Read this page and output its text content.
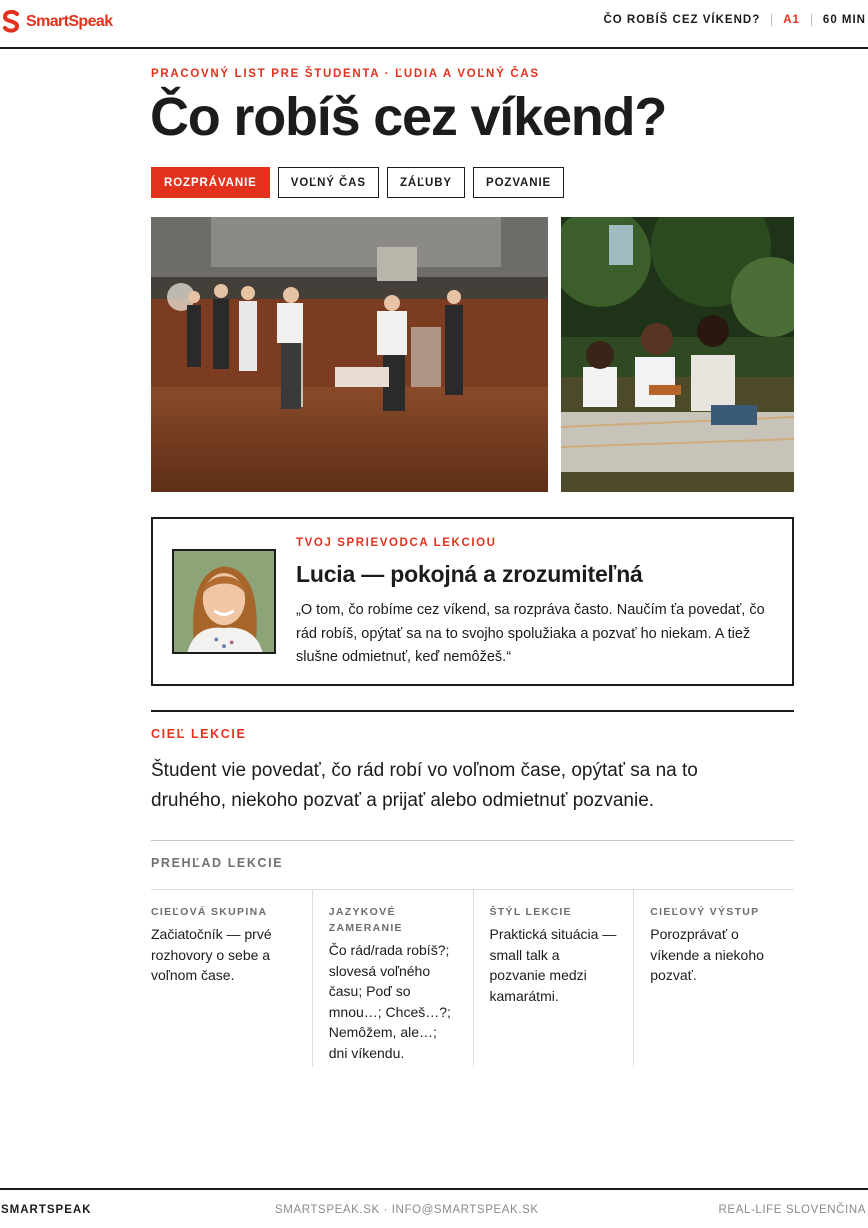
SmartSpeak	ČO ROBÍŠ CEZ VÍKEND? A1 60 MIN
PRACOVNÝ LIST PRE ŠTUDENTA · ĽUDIA A VOĽNÝ ČAS
Čo robíš cez víkend?
ROZPRÁVANIE	VOĽNÝ ČAS	ZÁĽUBY	POZVANIE
TVOJ SPRIEVODCA LEKCIOU
Lucia — pokojná a zrozumiteľná
„O tom, čo robíme cez víkend, sa rozpráva často. Naučím ťa povedať, čo rád robíš, opýtať sa na to svojho spolužiaka a pozvať ho niekam. A tiež slušne odmietnuť, keď nemôžeš.“
CIEĽ LEKCIE
Študent vie povedať, čo rád robí vo voľnom čase, opýtať sa na to druhého, niekoho pozvať a prijať alebo odmietnuť pozvanie.
PREHĽAD LEKCIE
CIEĽOVÁ SKUPINA
Začiatočník — prvé rozhovory o sebe a voľnom čase.
JAZYKOVÉ ZAMERANIE
Čo rád/rada robíš?; slovesá voľného času; Poď so mnou…; Chceš…?; Nemôžem, ale…; dni víkendu.
ŠTÝL LEKCIE
Praktická situácia — small talk a pozvanie medzi kamarátmi.
CIEĽOVÝ VÝSTUP
Porozprávať o víkende a niekoho pozvať.
SMARTSPEAK	SMARTSPEAK.SK · INFO@SMARTSPEAK.SK	REAL-LIFE SLOVENČINA
